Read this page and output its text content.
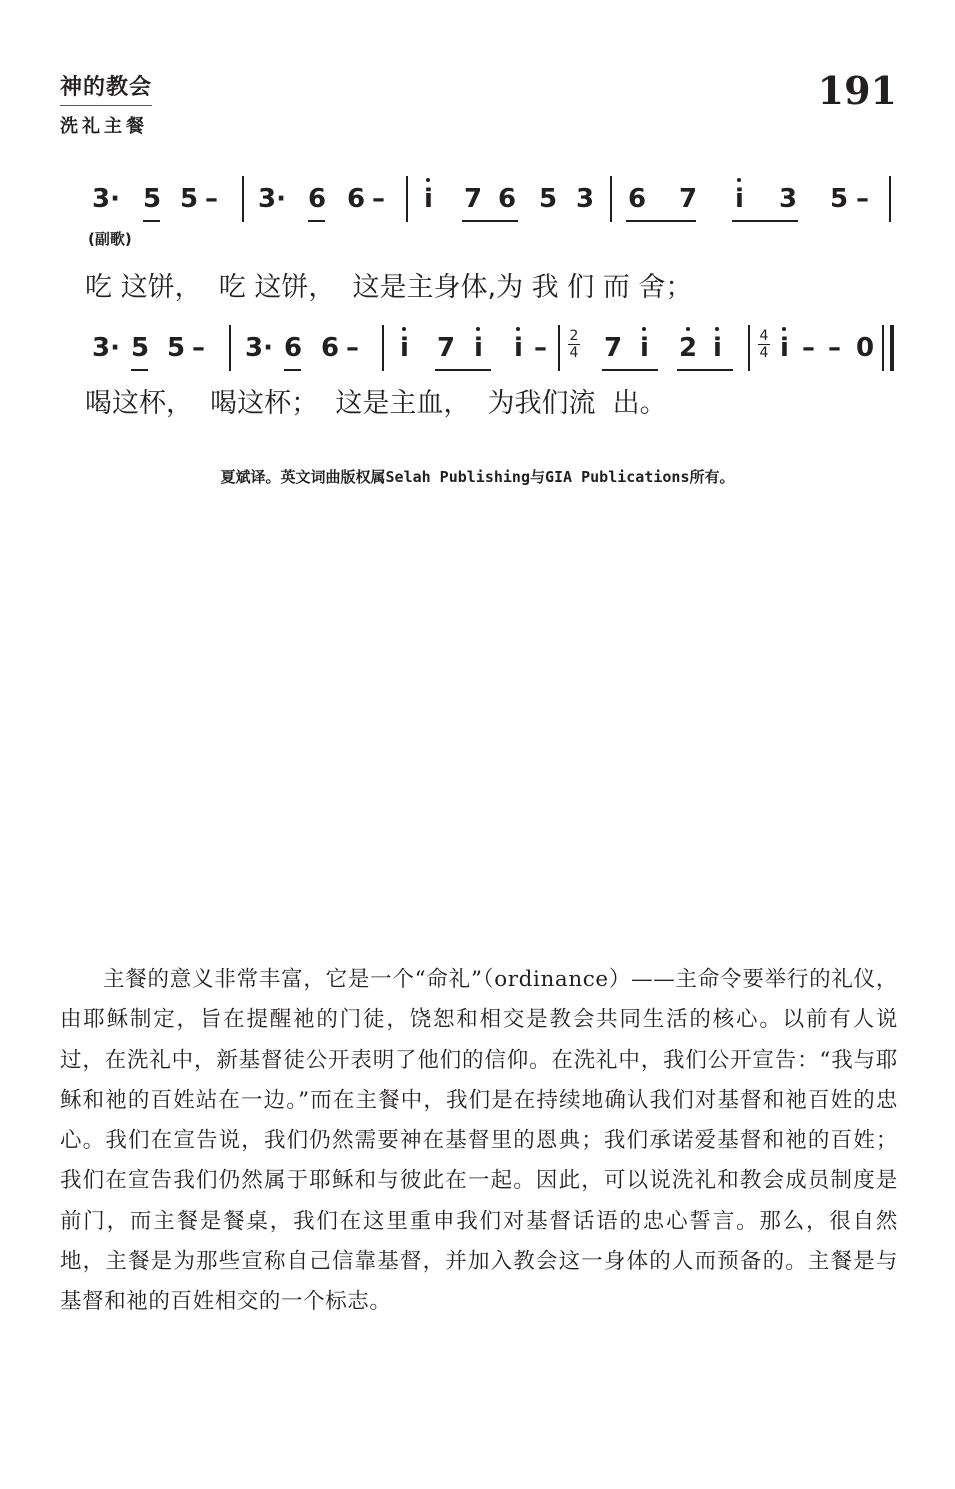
神的教会
洗礼主餐
191
3· 5 5 – 3· 6 6 – i 7 6 5 3 6 7 i 3 5 –
(副歌)
吃 这饼，  吃 这饼，  这是主身体,为 我 们 而 舍；
3· 5 5 – 3· 6 6 – i 7 i i – 2
4 7 i 2 i	4
4 i – – 0
喝这杯，  喝这杯；  这是主血，  为我们流  出。
夏斌译。英文词曲版权属Selah Publishing与GIA Publications所有。
主餐的意义非常丰富，它是一个“命礼”（ordinance）——主命令要举行的礼仪，由耶稣制定，旨在提醒祂的门徒，饶恕和相交是教会共同生活的核心。以前有人说过，在洗礼中，新基督徒公开表明了他们的信仰。在洗礼中，我们公开宣告：“我与耶稣和祂的百姓站在一边。”而在主餐中，我们是在持续地确认我们对基督和祂百姓的忠心。我们在宣告说，我们仍然需要神在基督里的恩典；我们承诺爱基督和祂的百姓；我们在宣告我们仍然属于耶稣和与彼此在一起。因此，可以说洗礼和教会成员制度是前门，而主餐是餐桌，我们在这里重申我们对基督话语的忠心誓言。那么，很自然地，主餐是为那些宣称自己信靠基督，并加入教会这一身体的人而预备的。主餐是与基督和祂的百姓相交的一个标志。
